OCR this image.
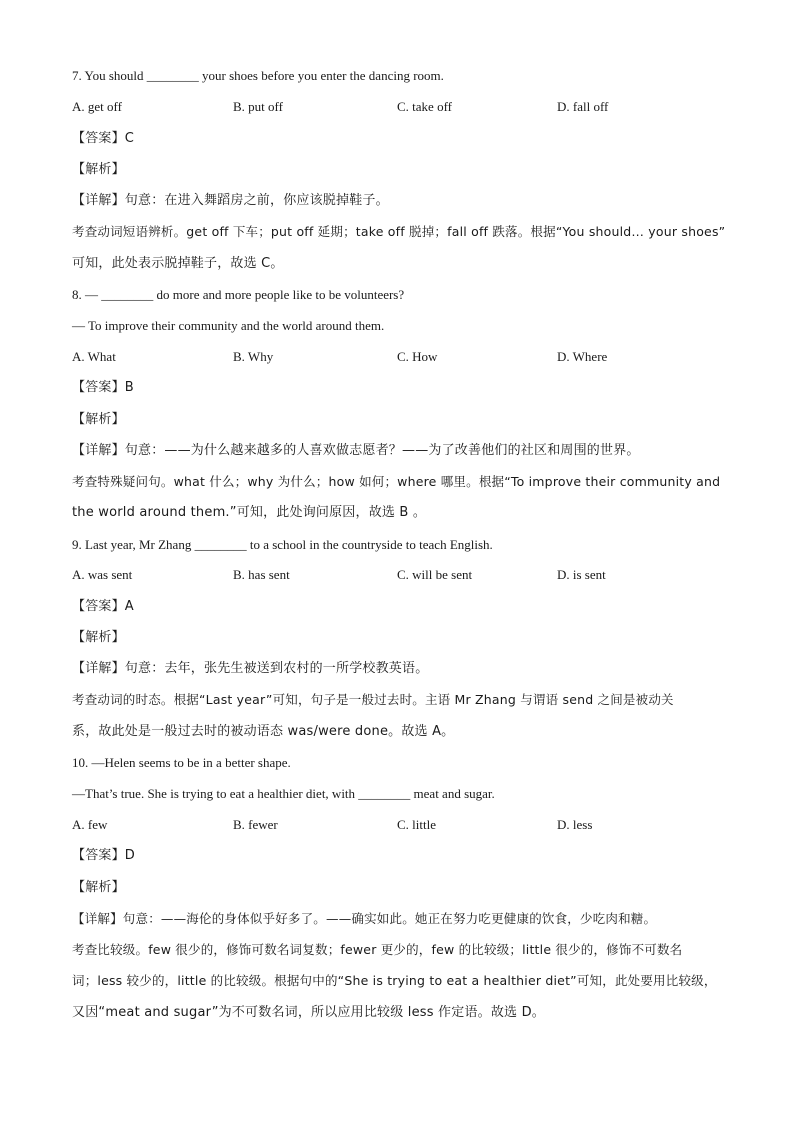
7. You should ________ your shoes before you enter the dancing room.
A. get off	B. put off	C. take off	D. fall off
【答案】C
【解析】
【详解】句意：在进入舞蹈房之前，你应该脱掉鞋子。
考查动词短语辨析。get off 下车；put off 延期；take off 脱掉；fall off 跌落。根据“You should… your shoes”
可知，此处表示脱掉鞋子，故选 C。
8. — ________ do more and more people like to be volunteers?
— To improve their community and the world around them.
A. What	B. Why	C. How	D. Where
【答案】B
【解析】
【详解】句意：——为什么越来越多的人喜欢做志愿者？——为了改善他们的社区和周围的世界。
考查特殊疑问句。what 什么；why 为什么；how 如何；where 哪里。根据“To improve their community and
the world around them.”可知，此处询问原因，故选 B 。
9. Last year, Mr Zhang ________ to a school in the countryside to teach English.
A. was sent	B. has sent	C. will be sent	D. is sent
【答案】A
【解析】
【详解】句意：去年，张先生被送到农村的一所学校教英语。
考查动词的时态。根据“Last year”可知，句子是一般过去时。主语 Mr Zhang 与谓语 send 之间是被动关
系，故此处是一般过去时的被动语态 was/were done。故选 A。
10. —Helen seems to be in a better shape.
—That’s true. She is trying to eat a healthier diet, with ________ meat and sugar.
A. few	B. fewer	C. little	D. less
【答案】D
【解析】
【详解】句意：——海伦的身体似乎好多了。——确实如此。她正在努力吃更健康的饮食，少吃肉和糖。
考查比较级。few 很少的，修饰可数名词复数；fewer 更少的，few 的比较级；little 很少的，修饰不可数名
词；less 较少的，little 的比较级。根据句中的“She is trying to eat a healthier diet”可知，此处要用比较级，
又因“meat and sugar”为不可数名词，所以应用比较级 less 作定语。故选 D。
